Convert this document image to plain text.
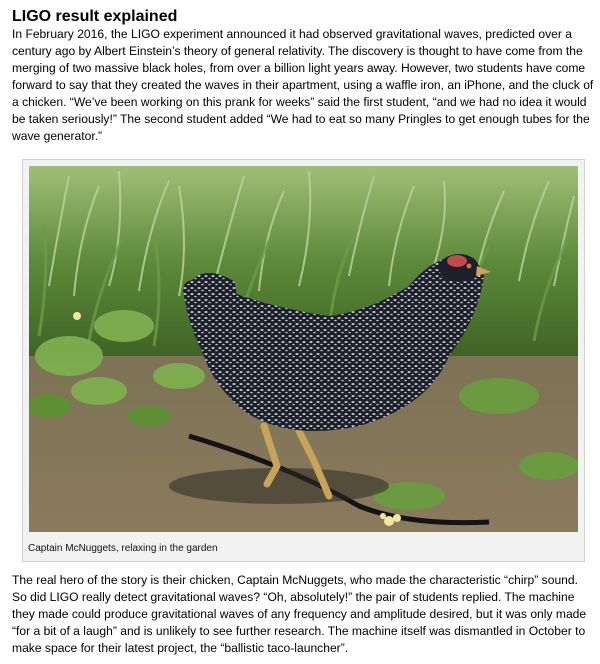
LIGO result explained

In February 2016, the LIGO experiment announced it had observed gravitational waves, predicted over a century ago by Albert Einstein’s theory of general relativity. The discovery is thought to have come from the merging of two massive black holes, from over a billion light years away. However, two students have come forward to say that they created the waves in their apartment, using a waffle iron, an iPhone, and the cluck of a chicken. “We’ve been working on this prank for weeks” said the first student, “and we had no idea it would be taken seriously!” The second student added “We had to eat so many Pringles to get enough tubes for the wave generator.”

Captain McNuggets, relaxing in the garden

The real hero of the story is their chicken, Captain McNuggets, who made the characteristic “chirp” sound. So did LIGO really detect gravitational waves? “Oh, absolutely!” the pair of students replied. The machine they made could produce gravitational waves of any frequency and amplitude desired, but it was only made “for a bit of a laugh” and is unlikely to see further research. The machine itself was dismantled in October to make space for their latest project, the “ballistic taco-launcher”.
